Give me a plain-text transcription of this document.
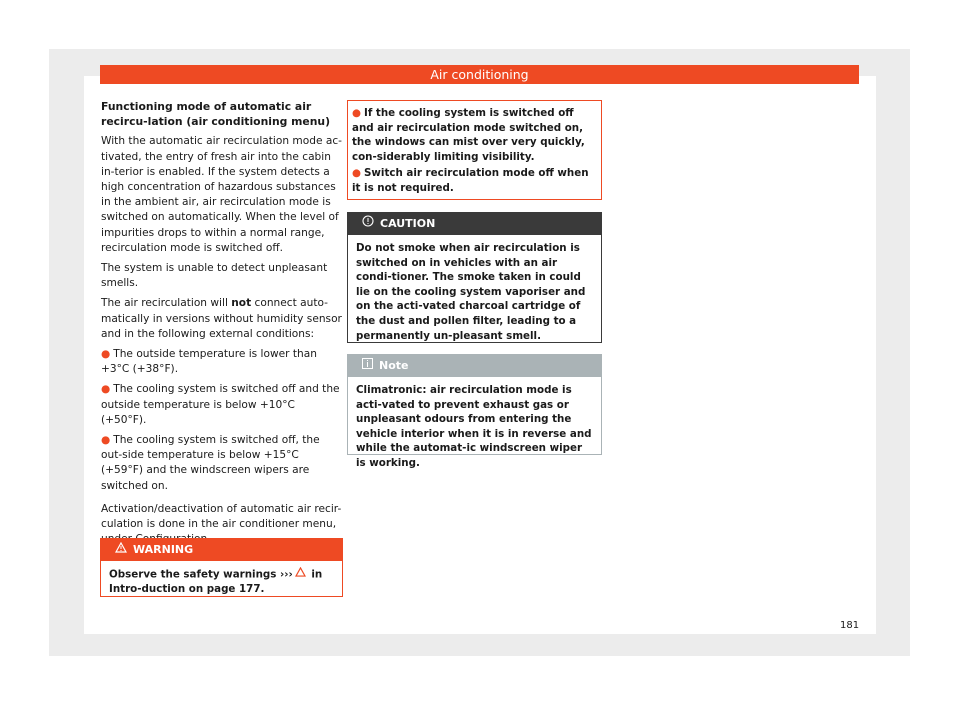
Air conditioning
Functioning mode of automatic air recircu-lation (air conditioning menu)

With the automatic air recirculation mode ac-tivated, the entry of fresh air into the cabin in-terior is enabled. If the system detects a high concentration of hazardous substances in the ambient air, air recirculation mode is switched on automatically. When the level of impurities drops to within a normal range, recirculation mode is switched off.

The system is unable to detect unpleasant smells.

The air recirculation will not connect auto-matically in versions without humidity sensor and in the following external conditions:

● The outside temperature is lower than +3°C (+38°F).
● The cooling system is switched off and the outside temperature is below +10°C (+50°F).
● The cooling system is switched off, the out-side temperature is below +15°C (+59°F) and the windscreen wipers are switched on.

Activation/deactivation of automatic air recir-culation is done in the air conditioner menu,

WARNING
Observe the safety warnings ››› in Intro-duction on page 177.
● If the cooling system is switched off and air recirculation mode switched on, the windows can mist over very quickly, con-siderably limiting visibility.
● Switch air recirculation mode off when it is not required.
CAUTION
Do not smoke when air recirculation is switched on in vehicles with an air condi-tioner. The smoke taken in could lie on the cooling system vaporiser and on the acti-vated charcoal cartridge of the dust and pollen filter, leading to a permanently un-pleasant smell.
Note
Climatronic: air recirculation mode is acti-vated to prevent exhaust gas or unpleasant odours from entering the vehicle interior when it is in reverse and while the automat-ic windscreen wiper is working.
181
